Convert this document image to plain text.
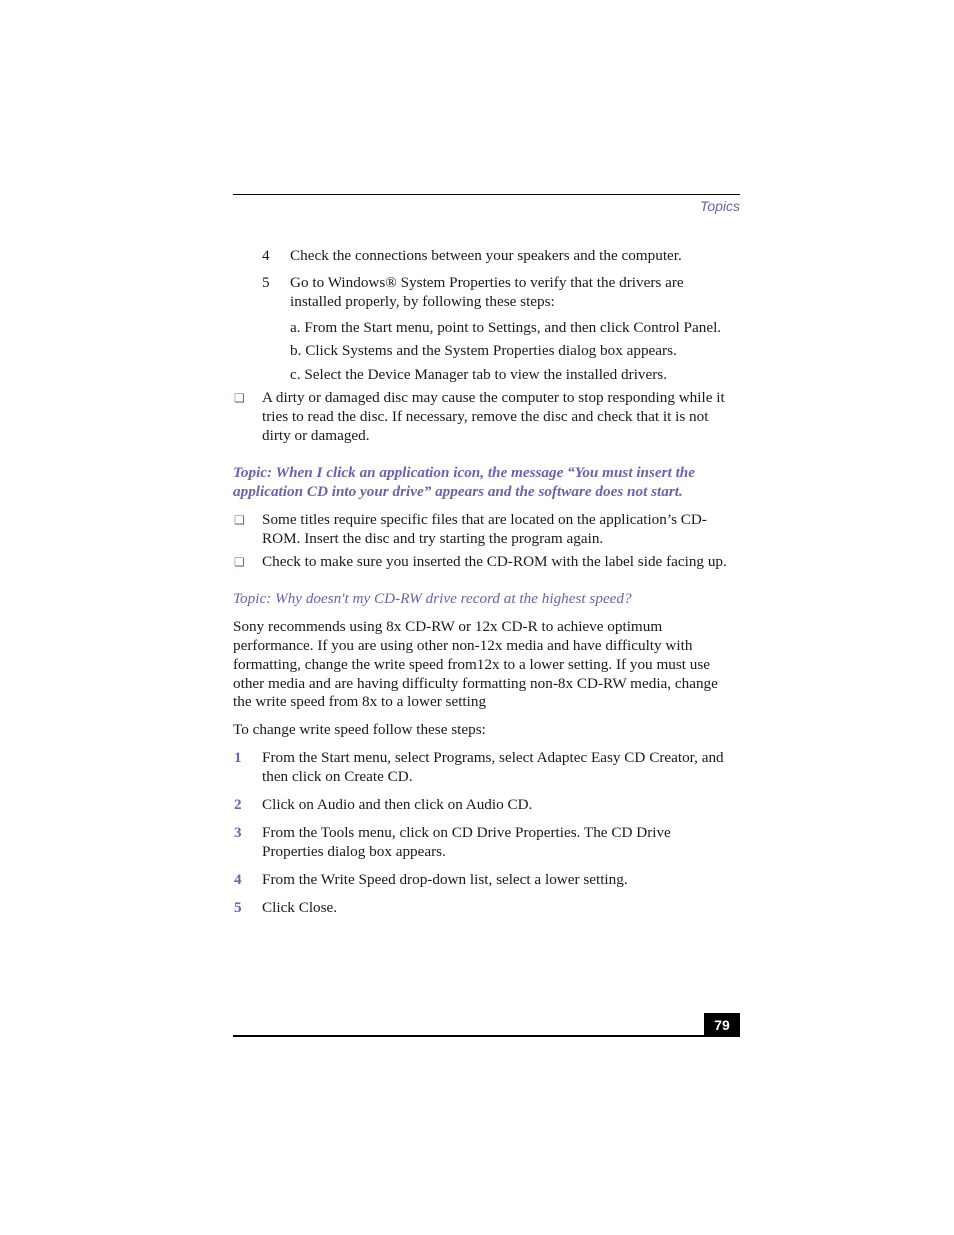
Topics
4	Check the connections between your speakers and the computer.
5	Go to Windows® System Properties to verify that the drivers are
installed properly, by following these steps:
a. From the Start menu, point to Settings, and then click Control Panel.
b. Click Systems and the System Properties dialog box appears.
c. Select the Device Manager tab to view the installed drivers.
❑ A dirty or damaged disc may cause the computer to stop responding while it
tries to read the disc. If necessary, remove the disc and check that it is not
dirty or damaged.
Topic: When I click an application icon, the message “You must insert the
application CD into your drive” appears and the software does not start.
❑ Some titles require specific files that are located on the application’s CD-
ROM. Insert the disc and try starting the program again.
❑ Check to make sure you inserted the CD-ROM with the label side facing up.
Topic: Why doesn't my CD-RW drive record at the highest speed?
Sony recommends using 8x CD-RW or 12x CD-R to achieve optimum
performance. If you are using other non-12x media and have difficulty with
formatting, change the write speed from12x to a lower setting. If you must use
other media and are having difficulty formatting non-8x CD-RW media, change
the write speed from 8x to a lower setting
To change write speed follow these steps:
1	From the Start menu, select Programs, select Adaptec Easy CD Creator, and
then click on Create CD.
2	Click on Audio and then click on Audio CD.
3	From the Tools menu, click on CD Drive Properties. The CD Drive
Properties dialog box appears.
4	From the Write Speed drop-down list, select a lower setting.
5	Click Close.
79
